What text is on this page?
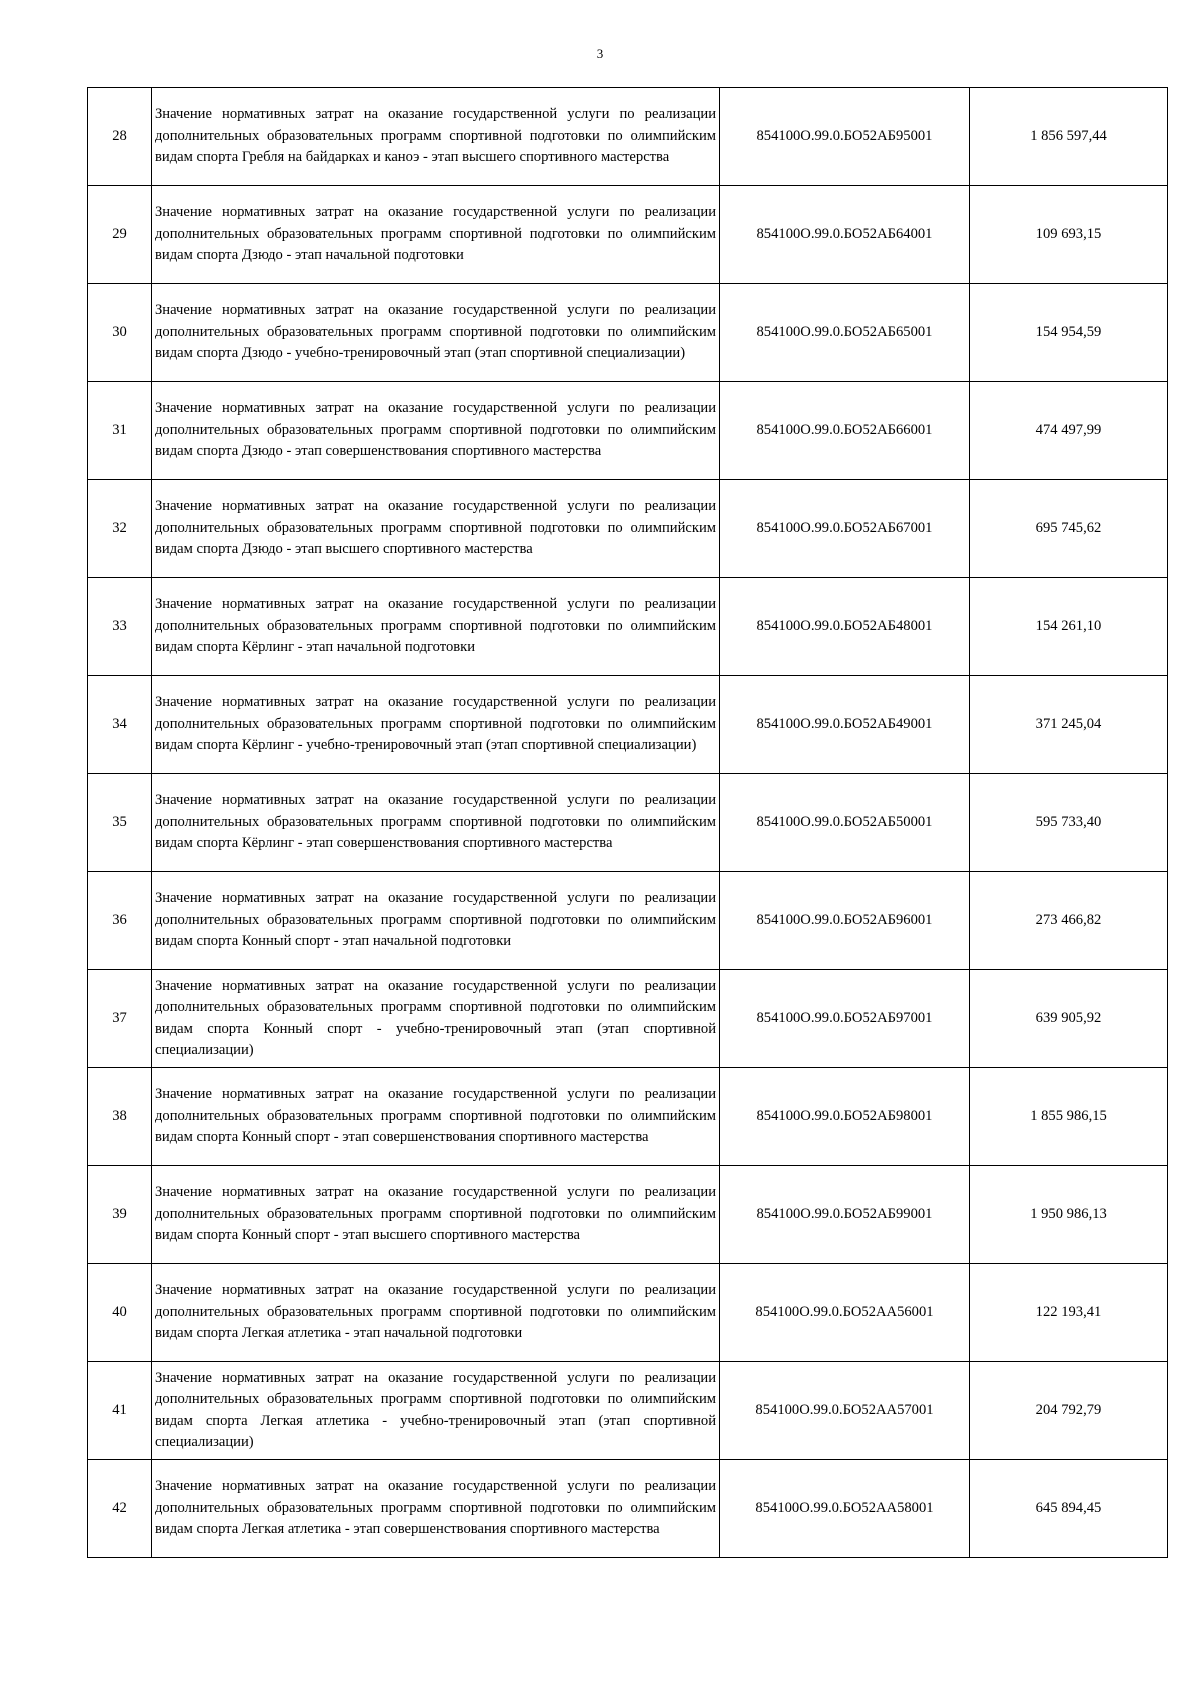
3
28	Значение нормативных затрат на оказание государственной услуги по реализации дополнительных образовательных программ спортивной подготовки по олимпийским видам спорта Гребля на байдарках и каноэ - этап высшего спортивного мастерства	854100О.99.0.БО52АБ95001	1 856 597,44
29	Значение нормативных затрат на оказание государственной услуги по реализации дополнительных образовательных программ спортивной подготовки по олимпийским видам спорта Дзюдо - этап начальной подготовки	854100О.99.0.БО52АБ64001	109 693,15
30	Значение нормативных затрат на оказание государственной услуги по реализации дополнительных образовательных программ спортивной подготовки по олимпийским видам спорта Дзюдо - учебно-тренировочный этап (этап спортивной специализации)	854100О.99.0.БО52АБ65001	154 954,59
31	Значение нормативных затрат на оказание государственной услуги по реализации дополнительных образовательных программ спортивной подготовки по олимпийским видам спорта Дзюдо - этап совершенствования спортивного мастерства	854100О.99.0.БО52АБ66001	474 497,99
32	Значение нормативных затрат на оказание государственной услуги по реализации дополнительных образовательных программ спортивной подготовки по олимпийским видам спорта Дзюдо - этап высшего спортивного мастерства	854100О.99.0.БО52АБ67001	695 745,62
33	Значение нормативных затрат на оказание государственной услуги по реализации дополнительных образовательных программ спортивной подготовки по олимпийским видам спорта Кёрлинг - этап начальной подготовки	854100О.99.0.БО52АБ48001	154 261,10
34	Значение нормативных затрат на оказание государственной услуги по реализации дополнительных образовательных программ спортивной подготовки по олимпийским видам спорта Кёрлинг - учебно-тренировочный этап (этап спортивной специализации)	854100О.99.0.БО52АБ49001	371 245,04
35	Значение нормативных затрат на оказание государственной услуги по реализации дополнительных образовательных программ спортивной подготовки по олимпийским видам спорта Кёрлинг - этап совершенствования спортивного мастерства	854100О.99.0.БО52АБ50001	595 733,40
36	Значение нормативных затрат на оказание государственной услуги по реализации дополнительных образовательных программ спортивной подготовки по олимпийским видам спорта Конный спорт - этап начальной подготовки	854100О.99.0.БО52АБ96001	273 466,82
37	Значение нормативных затрат на оказание государственной услуги по реализации дополнительных образовательных программ спортивной подготовки по олимпийским видам спорта Конный спорт - учебно-тренировочный этап (этап спортивной специализации)	854100О.99.0.БО52АБ97001	639 905,92
38	Значение нормативных затрат на оказание государственной услуги по реализации дополнительных образовательных программ спортивной подготовки по олимпийским видам спорта Конный спорт - этап совершенствования спортивного мастерства	854100О.99.0.БО52АБ98001	1 855 986,15
39	Значение нормативных затрат на оказание государственной услуги по реализации дополнительных образовательных программ спортивной подготовки по олимпийским видам спорта Конный спорт - этап высшего спортивного мастерства	854100О.99.0.БО52АБ99001	1 950 986,13
40	Значение нормативных затрат на оказание государственной услуги по реализации дополнительных образовательных программ спортивной подготовки по олимпийским видам спорта Легкая атлетика - этап начальной подготовки	854100О.99.0.БО52АА56001	122 193,41
41	Значение нормативных затрат на оказание государственной услуги по реализации дополнительных образовательных программ спортивной подготовки по олимпийским видам спорта Легкая атлетика - учебно-тренировочный этап (этап спортивной специализации)	854100О.99.0.БО52АА57001	204 792,79
42	Значение нормативных затрат на оказание государственной услуги по реализации дополнительных образовательных программ спортивной подготовки по олимпийским видам спорта Легкая атлетика - этап совершенствования спортивного мастерства	854100О.99.0.БО52АА58001	645 894,45
